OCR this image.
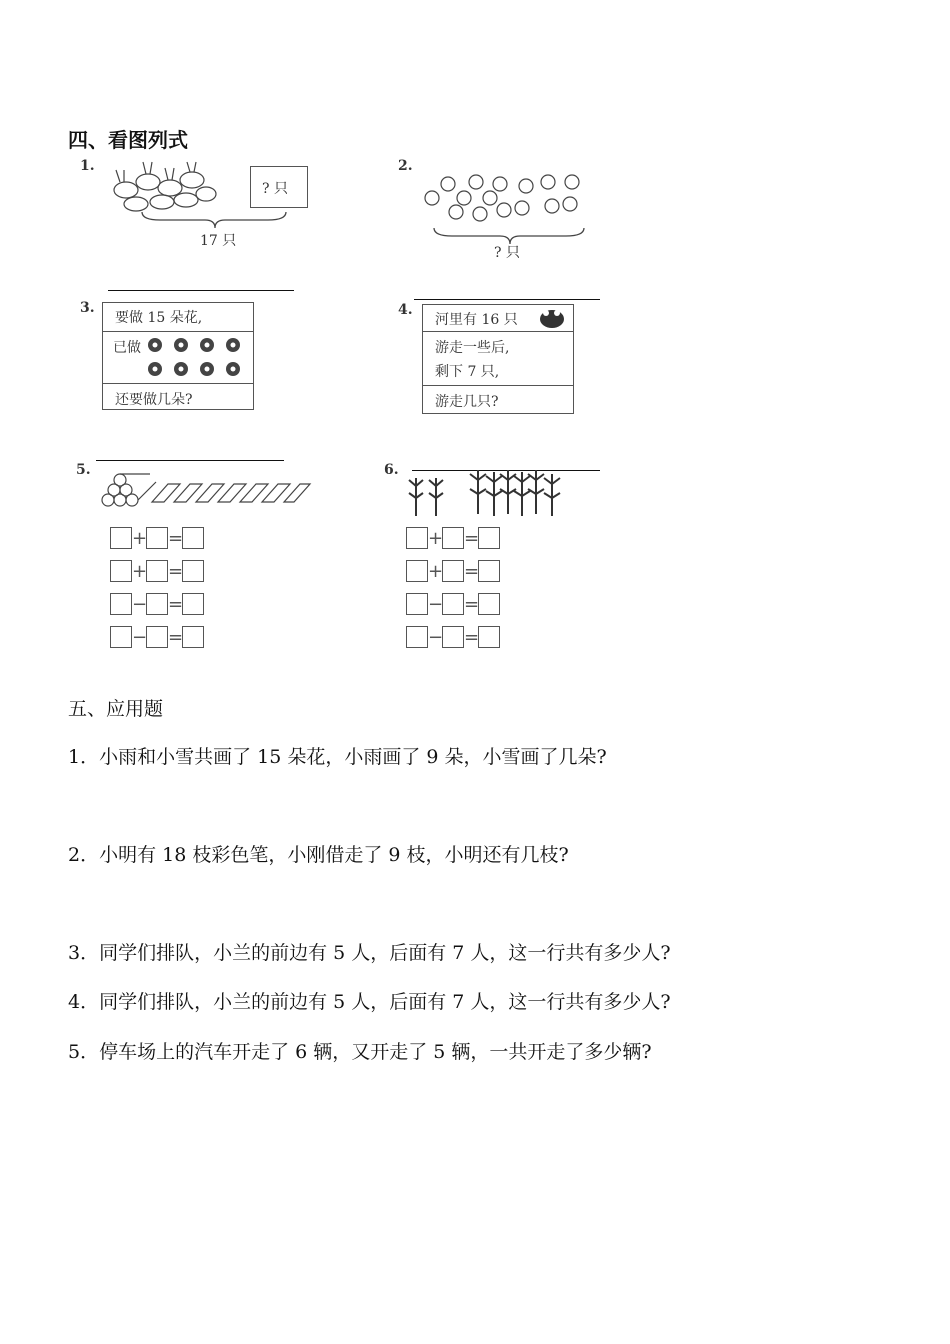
四、看图列式
1.
? 只
17 只
2.
? 只
3.
要做 15 朵花,
已做
还要做几朵?
4.
河里有 16 只
游走一些后,
剩下 7 只,
游走几只?
5.
+ =
+ =
− =
− =
6.
+ =
+ =
− =
− =
五、应用题
1．小雨和小雪共画了 15 朵花，小雨画了 9 朵，小雪画了几朵?
2．小明有 18 枝彩色笔，小刚借走了 9 枝，小明还有几枝?
3．同学们排队，小兰的前边有 5 人，后面有 7 人，这一行共有多少人?
4．同学们排队，小兰的前边有 5 人，后面有 7 人，这一行共有多少人?
5．停车场上的汽车开走了 6 辆，又开走了 5 辆，一共开走了多少辆?
